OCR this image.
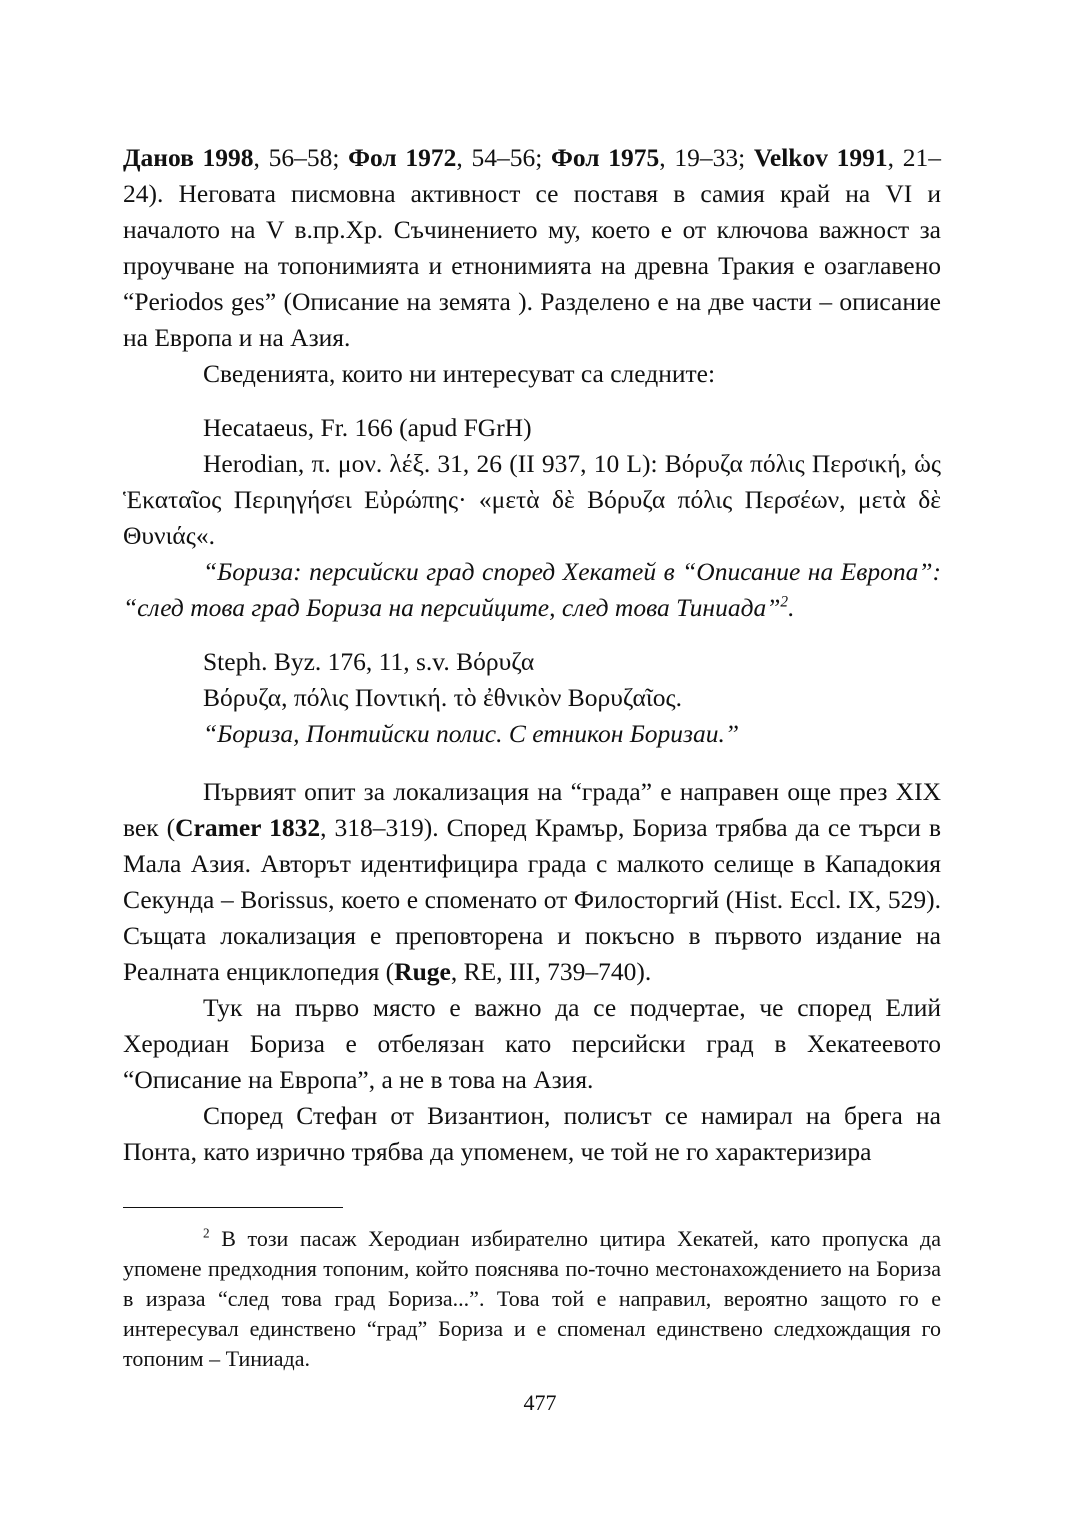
Данов 1998, 56–58; Фол 1972, 54–56; Фол 1975, 19–33; Velkov 1991, 21–24). Неговата писмовна активност се поставя в самия край на VI и началото на V в.пр.Хр. Съчинението му, което е от ключова важност за проучване на топонимията и етнонимията на древна Тракия е озаглавено “Periodos ges” (Описание на земята ). Разделено е на две части – описание на Европа и на Азия.

Сведенията, които ни интересуват са следните:

Hecataeus, Fr. 166 (apud FGrH)

Herodian, π. μον. λέξ. 31, 26 (II 937, 10 L): Βόρυζα πόλις Περσική, ὡς Ἑκαταῖος Περιηγήσει Εὐρώπης· «μετὰ δὲ Βόρυζα πόλις Περσέων, μετὰ δὲ Θυνιάς«.

“Бориза: персийски град според Хекатей в “Описание на Европа”: “след това град Бориза на персийците, след това Тиниада”$^2$.

Steph. Byz. 176, 11, s.v. Βόρυζα

Βόρυζα, πόλις Ποντική. τὸ ἐθνικὸν Βορυζαῖος.

“Бориза, Понтийски полис. С етникон Боризаи.”

Първият опит за локализация на “града” е направен още през XIX век (Cramer 1832, 318–319). Според Крамър, Бориза трябва да се търси в Мала Азия. Авторът идентифицира града с малкото селище в Кападокия Секунда – Borissus, което е споменато от Филосторгий (Hist. Eccl. IX, 529). Същата локализация е преповторена и покъсно в първото издание на Реалната енциклопедия (Ruge, RE, III, 739–740).

Тук на първо място е важно да се подчертае, че според Елий Херодиан Бориза е отбелязан като персийски град в Хекатеевото “Описание на Европа”, а не в това на Азия.

Според Стефан от Византион, полисът се намирал на брега на Понта, като изрично трябва да упоменем, че той не го характеризира

$^2$ В този пасаж Херодиан избирателно цитира Хекатей, като пропуска да упомене предходния топоним, който пояснява по-точно местонахождението на Бориза в израза “след това град Бориза...”. Това той е направил, вероятно защото го е интересувал единствено “град” Бориза и е споменал единствено следхождащия го топоним – Тиниада.

477
